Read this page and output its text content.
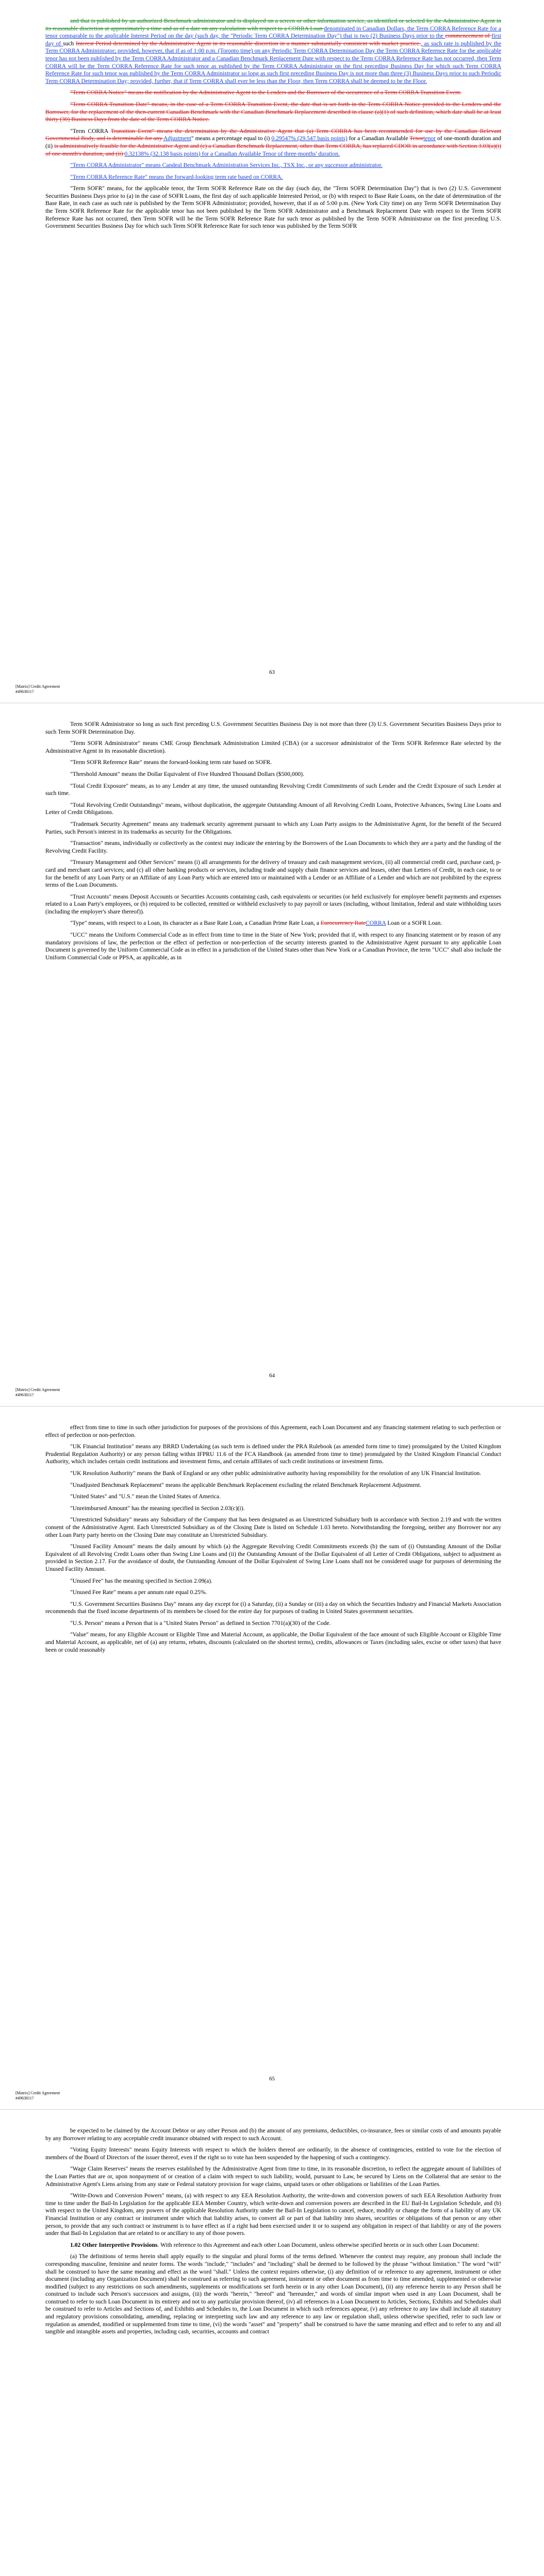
and that is published by an authorized Benchmark administrator and is displayed on a screen or other information service, as identified or selected by the Administrative Agent in its reasonable discretion at approximately a time and as of a date on any calculation with respect to a CORRA Loan denominated in Canadian Dollars, the Term CORRA Reference Rate for a tenor comparable to the applicable Interest Period on the day (such day, the "Periodic Term CORRA Determination Day") that is two (2) Business Days prior to the commencement of first day of such Interest Period determined by the Administrative Agent in its reasonable discretion in a manner substantially consistent with market practice., as such rate is published by the Term CORRA Administrator; provided, however, that if as of 1:00 p.m. (Toronto time) on any Periodic Term CORRA Determination Day the Term CORRA Reference Rate for the applicable tenor has not been published by the Term CORRA Administrator and a Canadian Benchmark Replacement Date with respect to the Term CORRA Reference Rate has not occurred, then Term CORRA will be the Term CORRA Reference Rate for such tenor as published by the Term CORRA Administrator on the first preceding Business Day for which such Term CORRA Reference Rate for such tenor was published by the Term CORRA Administrator so long as such first preceding Business Day is not more than three (3) Business Days prior to such Periodic Term CORRA Determination Day; provided, further, that if Term CORRA shall ever be less than the Floor, then Term CORRA shall be deemed to be the Floor.

"Term CORRA Notice" means the notification by the Administrative Agent to the Lenders and the Borrower of the occurrence of a Term CORRA Transition Event.

"Term CORRA Transition Date" means, in the case of a Term CORRA Transition Event, the date that is set forth in the Term CORRA Notice provided to the Lenders and the Borrower, for the replacement of the then-current Canadian Benchmark with the Canadian Benchmark Replacement described in clause (a)(1) of such definition, which date shall be at least thirty (30) Business Days from the date of the Term CORRA Notice.

"Term CORRA Transition Event" means the determination by the Administrative Agent that (a) Term CORRA has been recommended for use by the Canadian Relevant Governmental Body, and is determinable for any Adjustment" means a percentage equal to (i) 0.29547% (29.547 basis points) for a Canadian Available Tenortenor of one-month duration and (ii) is administratively feasible for the Administrative Agent and (c) a Canadian Benchmark Replacement, other than Term CORRA, has replaced CDOR in accordance with Section 3.03(a)(i) of one-month's duration, and (ii) 0.32138% (32.138 basis points) for a Canadian Available Tenor of three-months' duration.

"Term CORRA Administrator" means Candeal Benchmark Administration Services Inc., TSX Inc., or any successor administrator.

"Term CORRA Reference Rate" means the forward-looking term rate based on CORRA.

"Term SOFR" means, for the applicable tenor, the Term SOFR Reference Rate on the day (such day, the "Term SOFR Determination Day") that is two (2) U.S. Government Securities Business Days prior to (a) in the case of SOFR Loans, the first day of such applicable Interested Period, or (b) with respect to Base Rate Loans, on the date of determination of the Base Rate, in each case as such rate is published by the Term SOFR Administrator; provided, however, that if as of 5:00 p.m. (New York City time) on any Term SOFR Determination Day the Term SOFR Reference Rate for the applicable tenor has not been published by the Term SOFR Administrator and a Benchmark Replacement Date with respect to the Term SOFR Reference Rate has not occurred, then Term SOFR will be the Term SOFR Reference Rate for such tenor as published by the Term SOFR Administrator on the first preceding U.S. Government Securities Business Day for which such Term SOFR Reference Rate for such tenor was published by the Term SOFR

63
[Matrix] Credit Agreement
#4963811?

Term SOFR Administrator so long as such first preceding U.S. Government Securities Business Day is not more than three (3) U.S. Government Securities Business Days prior to such Term SOFR Determination Day.

"Term SOFR Administrator" means CME Group Benchmark Administration Limited (CBA) (or a successor administrator of the Term SOFR Reference Rate selected by the Administrative Agent in its reasonable discretion).

"Term SOFR Reference Rate" means the forward-looking term rate based on SOFR.

"Threshold Amount" means the Dollar Equivalent of Five Hundred Thousand Dollars ($500,000).

"Total Credit Exposure" means, as to any Lender at any time, the unused outstanding Revolving Credit Commitments of such Lender and the Credit Exposure of such Lender at such time.

"Total Revolving Credit Outstandings" means, without duplication, the aggregate Outstanding Amount of all Revolving Credit Loans, Protective Advances, Swing Line Loans and Letter of Credit Obligations.

"Trademark Security Agreement" means any trademark security agreement pursuant to which any Loan Party assigns to the Administrative Agent, for the benefit of the Secured Parties, such Person's interest in its trademarks as security for the Obligations.

"Transaction" means, individually or collectively as the context may indicate the entering by the Borrowers of the Loan Documents to which they are a party and the funding of the Revolving Credit Facility.

"Treasury Management and Other Services" means (i) all arrangements for the delivery of treasury and cash management services, (ii) all commercial credit card, purchase card, p-card and merchant card services; and (c) all other banking products or services, including trade and supply chain finance services and leases, other than Letters of Credit, in each case, to or for the benefit of any Loan Party or an Affiliate of any Loan Party which are entered into or maintained with a Lender or an Affiliate of a Lender and which are not prohibited by the express terms of the Loan Documents.

"Trust Accounts" means Deposit Accounts or Securities Accounts containing cash, cash equivalents or securities (or held exclusively for employee benefit payments and expenses related to a Loan Party's employees, or (b) required to be collected, remitted or withheld exclusively to pay payroll or taxes (including, without limitation, federal and state withholding taxes (including the employer's share thereof)).

"Type" means, with respect to a Loan, its character as a Base Rate Loan, a Canadian Prime Rate Loan, a Eurocurrency RateCORRA Loan or a SOFR Loan.

"UCC" means the Uniform Commercial Code as in effect from time to time in the State of New York; provided that if, with respect to any financing statement or by reason of any mandatory provisions of law, the perfection or the effect of perfection or non-perfection of the security interests granted to the Administrative Agent pursuant to any applicable Loan Document is governed by the Uniform Commercial Code as in effect in a jurisdiction of the United States other than New York or a Canadian Province, the term "UCC" shall also include the Uniform Commercial Code or PPSA, as applicable, as in

64
[Matrix] Credit Agreement
#4963811?

effect from time to time in such other jurisdiction for purposes of the provisions of this Agreement, each Loan Document and any financing statement relating to such perfection or effect of perfection or non-perfection.

"UK Financial Institution" means any BRRD Undertaking (as such term is defined under the PRA Rulebook (as amended form time to time) promulgated by the United Kingdom Prudential Regulation Authority) or any person falling within IFPRU 11.6 of the FCA Handbook (as amended from time to time) promulgated by the United Kingdom Financial Conduct Authority, which includes certain credit institutions and investment firms, and certain affiliates of such credit institutions or investment firms.

"UK Resolution Authority" means the Bank of England or any other public administrative authority having responsibility for the resolution of any UK Financial Institution.

"Unadjusted Benchmark Replacement" means the applicable Benchmark Replacement excluding the related Benchmark Replacement Adjustment.

"United States" and "U.S." mean the United States of America.

"Unreimbursed Amount" has the meaning specified in Section 2.03(c)(i).

"Unrestricted Subsidiary" means any Subsidiary of the Company that has been designated as an Unrestricted Subsidiary both in accordance with Section 2.19 and with the written consent of the Administrative Agent. Each Unrestricted Subsidiary as of the Closing Date is listed on Schedule 1.03 hereto. Notwithstanding the foregoing, neither any Borrower nor any other Loan Party party hereto on the Closing Date may constitute an Unrestricted Subsidiary.

"Unused Facility Amount" means the daily amount by which (a) the Aggregate Revolving Credit Commitments exceeds (b) the sum of (i) Outstanding Amount of the Dollar Equivalent of all Revolving Credit Loans other than Swing Line Loans and (ii) the Outstanding Amount of the Dollar Equivalent of all Letter of Credit Obligations, subject to adjustment as provided in Section 2.17. For the avoidance of doubt, the Outstanding Amount of the Dollar Equivalent of Swing Line Loans shall not be considered usage for purposes of determining the Unused Facility Amount.

"Unused Fee" has the meaning specified in Section 2.09(a).

"Unused Fee Rate" means a per annum rate equal 0.25%.

"U.S. Government Securities Business Day" means any day except for (i) a Saturday, (ii) a Sunday or (iii) a day on which the Securities Industry and Financial Markets Association recommends that the fixed income departments of its members be closed for the entire day for purposes of trading in United States government securities.

"U.S. Person" means a Person that is a "United States Person" as defined in Section 7701(a)(30) of the Code.

"Value" means, for any Eligible Account or Eligible Time and Material Account, as applicable, the Dollar Equivalent of the face amount of such Eligible Account or Eligible Time and Material Account, as applicable, net of (a) any returns, rebates, discounts (calculated on the shortest terms), credits, allowances or Taxes (including sales, excise or other taxes) that have been or could reasonably

65
[Matrix] Credit Agreement
#4963811?

be expected to be claimed by the Account Debtor or any other Person and (b) the amount of any premiums, deductibles, co-insurance, fees or similar costs of and amounts payable by any Borrower relating to any acceptable credit insurance obtained with respect to such Account.

"Voting Equity Interests" means Equity Interests with respect to which the holders thereof are ordinarily, in the absence of contingencies, entitled to vote for the election of members of the Board of Directors of the issuer thereof, even if the right so to vote has been suspended by the happening of such a contingency.

"Wage Claim Reserves" means the reserves established by the Administrative Agent from time to time, in its reasonable discretion, to reflect the aggregate amount of liabilities of the Loan Parties that are or, upon nonpayment of or creation of a claim with respect to such liability, would, pursuant to Law, be secured by Liens on the Collateral that are senior to the Administrative Agent's Liens arising from any state or Federal statutory provision for wage claims, unpaid taxes or other obligations or liabilities of the Loan Parties.

"Write-Down and Conversion Powers" means, (a) with respect to any EEA Resolution Authority, the write-down and conversion powers of such EEA Resolution Authority from time to time under the Bail-In Legislation for the applicable EEA Member Country, which write-down and conversion powers are described in the EU Bail-In Legislation Schedule, and (b) with respect to the United Kingdom, any powers of the applicable Resolution Authority under the Bail-In Legislation to cancel, reduce, modify or change the form of a liability of any UK Financial Institution or any contract or instrument under which that liability arises, to convert all or part of that liability into shares, securities or obligations of that person or any other person, to provide that any such contract or instrument is to have effect as if a right had been exercised under it or to suspend any obligation in respect of that liability or any of the powers under that Bail-In Legislation that are related to or ancillary to any of those powers.

1.02 Other Interpretive Provisions. With reference to this Agreement and each other Loan Document, unless otherwise specified herein or in such other Loan Document:

(a) The definitions of terms herein shall apply equally to the singular and plural forms of the terms defined. Whenever the context may require, any pronoun shall include the corresponding masculine, feminine and neuter forms. The words "include," "includes" and "including" shall be deemed to be followed by the phrase "without limitation." The word "will" shall be construed to have the same meaning and effect as the word "shall." Unless the context requires otherwise, (i) any definition of or reference to any agreement, instrument or other document (including any Organization Document) shall be construed as referring to such agreement, instrument or other document as from time to time amended, supplemented or otherwise modified (subject to any restrictions on such amendments, supplements or modifications set forth herein or in any other Loan Document), (ii) any reference herein to any Person shall be construed to include such Person's successors and assigns, (iii) the words "herein," "hereof" and "hereunder," and words of similar import when used in any Loan Document, shall be construed to refer to such Loan Document in its entirety and not to any particular provision thereof, (iv) all references in a Loan Document to Articles, Sections, Exhibits and Schedules shall be construed to refer to Articles and Sections of, and Exhibits and Schedules to, the Loan Document in which such references appear, (v) any reference to any law shall include all statutory and regulatory provisions consolidating, amending, replacing or interpreting such law and any reference to any law or regulation shall, unless otherwise specified, refer to such law or regulation as amended, modified or supplemented from time to time, (vi) the words "asset" and "property" shall be construed to have the same meaning and effect and to refer to any and all tangible and intangible assets and properties, including cash, securities, accounts and contract
